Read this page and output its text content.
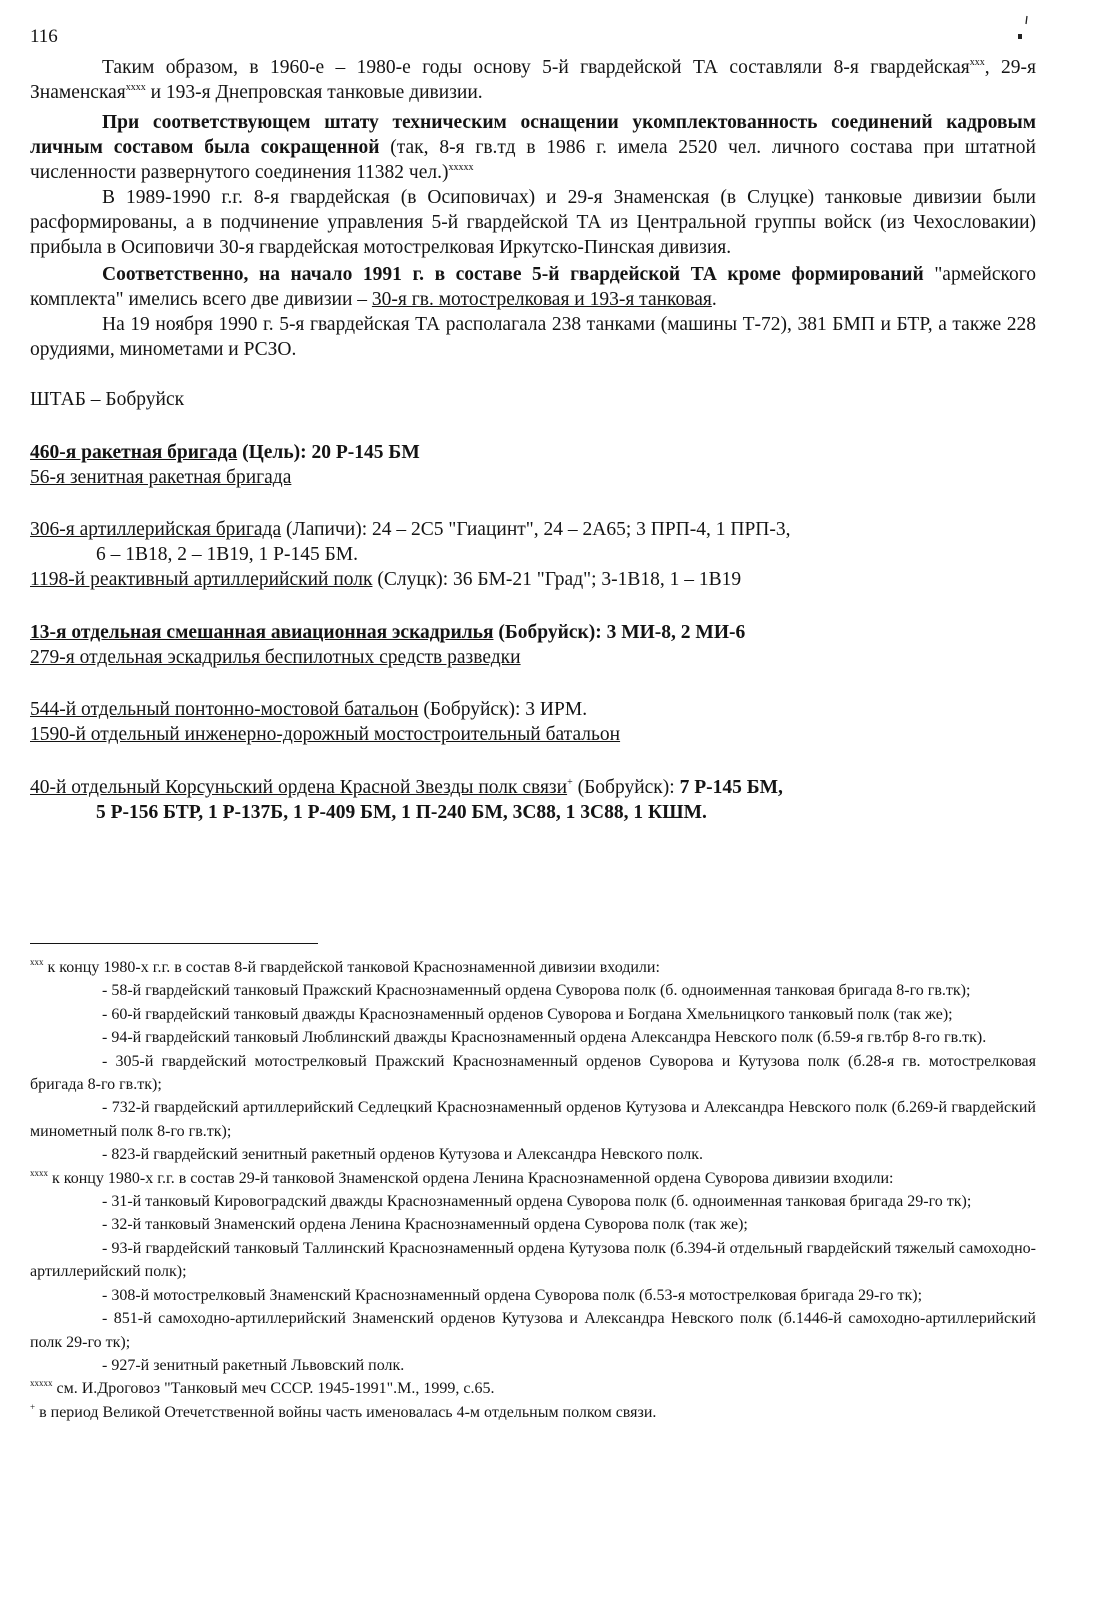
116

Таким образом, в 1960-е – 1980-е годы основу 5-й гвардейской ТА составляли 8-я гвардейская$^{xxx}$, 29-я Знаменская$^{xxxx}$ и 193-я Днепровская танковые дивизии.

При соответствующем штату техническим оснащении укомплектованность соединений кадровым личным составом была сокращенной (так, 8-я гв.тд в 1986 г. имела 2520 чел. личного состава при штатной численности развернутого соединения 11382 чел.)$^{xxxxx}$

В 1989-1990 г.г. 8-я гвардейская (в Осиповичах) и 29-я Знаменская (в Слуцке) танковые дивизии были расформированы, а в подчинение управления 5-й гвардейской ТА из Центральной группы войск (из Чехословакии) прибыла в Осиповичи 30-я гвардейская мотострелковая Иркутско-Пинская дивизия.

Соответственно, на начало 1991 г. в составе 5-й гвардейской ТА кроме формирований "армейского комплекта" имелись всего две дивизии – 30-я гв. мотострелковая и 193-я танковая.

На 19 ноября 1990 г. 5-я гвардейская ТА располагала 238 танками (машины Т-72), 381 БМП и БТР, а также 228 орудиями, минометами и РСЗО.

ШТАБ – Бобруйск

460-я ракетная бригада (Цель): 20 Р-145 БМ

56-я зенитная ракетная бригада

306-я артиллерийская бригада (Лапичи): 24 – 2С5 "Гиацинт", 24 – 2А65; 3 ПРП-4, 1 ПРП-3,
6 – 1В18, 2 – 1В19, 1 Р-145 БМ.

1198-й реактивный артиллерийский полк (Слуцк): 36 БМ-21 "Град"; 3-1В18, 1 – 1В19

13-я отдельная смешанная авиационная эскадрилья (Бобруйск): 3 МИ-8, 2 МИ-6

279-я отдельная эскадрилья беспилотных средств разведки

544-й отдельный понтонно-мостовой батальон (Бобруйск): 3 ИРМ.

1590-й отдельный инженерно-дорожный мостостроительный батальон

40-й отдельный Корсуньский ордена Красной Звезды полк связи+ (Бобруйск): 7 Р-145 БМ,
5 Р-156 БТР, 1 Р-137Б, 1 Р-409 БМ, 1 П-240 БМ, 3С88, 1 3С88, 1 КШМ.

$^{xxx}$ к концу 1980-х г.г. в состав 8-й гвардейской танковой Краснознаменной дивизии входили:

- 58-й гвардейский танковый Пражский Краснознаменный ордена Суворова полк (б. одноименная танковая бригада 8-го гв.тк);

- 60-й гвардейский танковый дважды Краснознаменный орденов Суворова и Богдана Хмельницкого танковый полк (так же);

- 94-й гвардейский танковый Люблинский дважды Краснознаменный ордена Александра Невского полк (б.59-я гв.тбр 8-го гв.тк).

- 305-й гвардейский мотострелковый Пражский Краснознаменный орденов Суворова и Кутузова полк (б.28-я гв. мотострелковая бригада 8-го гв.тк);

- 732-й гвардейский артиллерийский Седлецкий Краснознаменный орденов Кутузова и Александра Невского полк (б.269-й гвардейский минометный полк 8-го гв.тк);

- 823-й гвардейский зенитный ракетный орденов Кутузова и Александра Невского полк.

$^{xxxx}$ к концу 1980-х г.г. в состав 29-й танковой Знаменской ордена Ленина Краснознаменной ордена Суворова дивизии входили:

- 31-й танковый Кировоградский дважды Краснознаменный ордена Суворова полк (б. одноименная танковая бригада 29-го тк);

- 32-й танковый Знаменский ордена Ленина Краснознаменный ордена Суворова полк (так же);

- 93-й гвардейский танковый Таллинский Краснознаменный ордена Кутузова полк (б.394-й отдельный гвардейский тяжелый самоходно-артиллерийский полк);

- 308-й мотострелковый Знаменский Краснознаменный ордена Суворова полк (б.53-я мотострелковая бригада 29-го тк);

- 851-й самоходно-артиллерийский Знаменский орденов Кутузова и Александра Невского полк (б.1446-й самоходно-артиллерийский полк 29-го тк);

- 927-й зенитный ракетный Львовский полк.

$^{xxxxx}$ см. И.Дроговоз "Танковый меч СССР. 1945-1991".М., 1999, с.65.

+ в период Великой Отечетственной войны часть именовалась 4-м отдельным полком связи.
